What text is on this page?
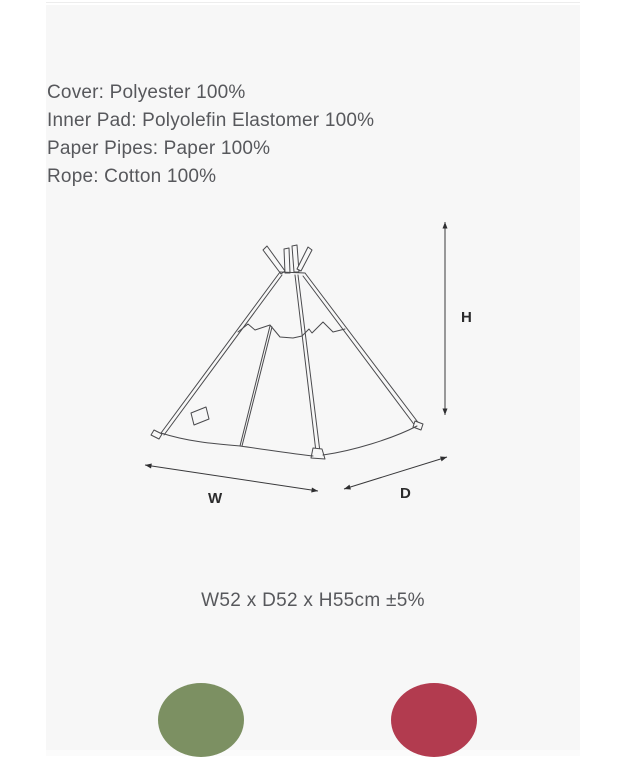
Cover: Polyester 100%
Inner Pad: Polyolefin Elastomer 100%
Paper Pipes: Paper 100%
Rope: Cotton 100%
W	D
H
W52 x D52 x H55cm ±5%
